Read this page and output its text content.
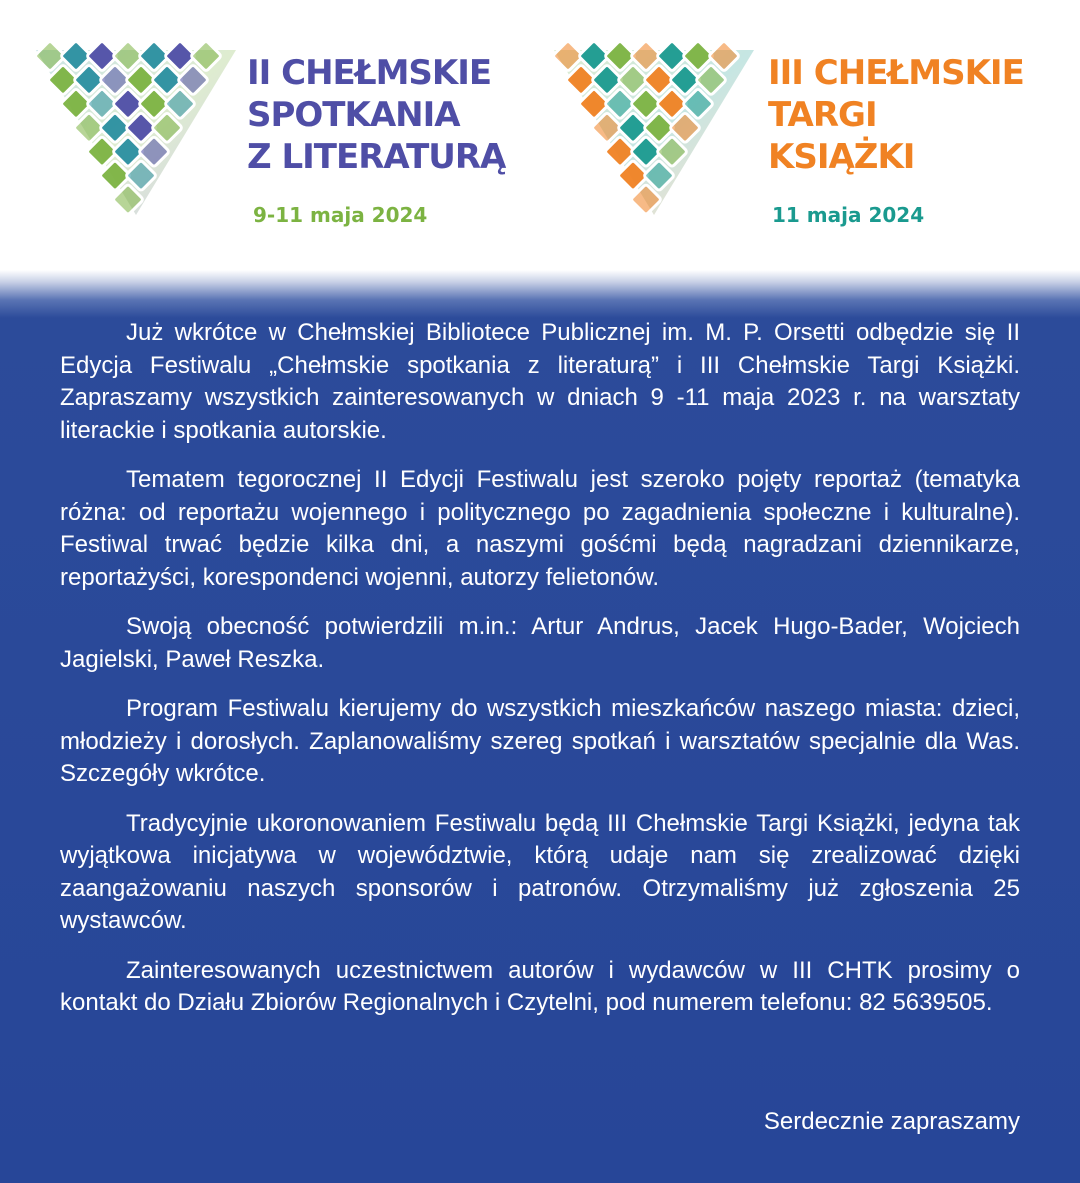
II CHEŁMSKIE
SPOTKANIA
Z LITERATURĄ
9-11 maja 2024
III CHEŁMSKIE
TARGI
KSIĄŻKI
11 maja 2024

Już wkrótce w Chełmskiej Bibliotece Publicznej im. M. P. Orsetti odbędzie się II Edycja Festiwalu „Chełmskie spotkania z literaturą” i III Chełmskie Targi Książki. Zapraszamy wszystkich zainteresowanych w dniach 9 -11 maja 2023 r. na warsztaty literackie i spotkania autorskie.

Tematem tegorocznej II Edycji Festiwalu jest szeroko pojęty reportaż (tematyka różna: od reportażu wojennego i politycznego po zagadnienia społeczne i kulturalne). Festiwal trwać będzie kilka dni, a naszymi gośćmi będą nagradzani dziennikarze, reportażyści, korespondenci wojenni, autorzy felietonów.

Swoją obecność potwierdzili m.in.: Artur Andrus, Jacek Hugo-Bader, Wojciech Jagielski, Paweł Reszka.

Program Festiwalu kierujemy do wszystkich mieszkańców naszego miasta: dzieci, młodzieży i dorosłych. Zaplanowaliśmy szereg spotkań i warsztatów specjalnie dla Was. Szczegóły wkrótce.

Tradycyjnie ukoronowaniem Festiwalu będą III Chełmskie Targi Książki, jedyna tak wyjątkowa inicjatywa w województwie, którą udaje nam się zrealizować dzięki zaangażowaniu naszych sponsorów i patronów. Otrzymaliśmy już zgłoszenia 25 wystawców.

Zainteresowanych uczestnictwem autorów i wydawców w III CHTK prosimy o kontakt do Działu Zbiorów Regionalnych i Czytelni, pod numerem telefonu: 82 5639505.

Serdecznie zapraszamy
